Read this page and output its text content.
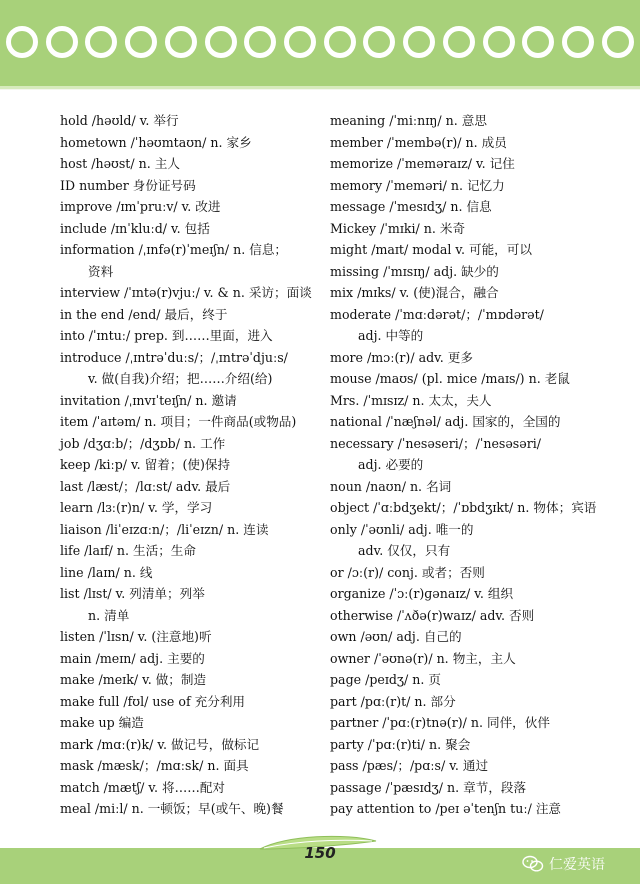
hold /həʊld/ v. 举行
hometown /ˈhəʊmtaʊn/ n. 家乡
host /həʊst/ n. 主人
ID number 身份证号码
improve /ɪmˈpruːv/ v. 改进
include /ɪnˈkluːd/ v. 包括
information /ˌɪnfə(r)ˈmeɪʃn/ n. 信息；
资料
interview /ˈɪntə(r)vjuː/ v. & n. 采访；面谈
in the end /end/ 最后，终于
into /ˈɪntuː/ prep. 到……里面，进入
introduce /ˌɪntrəˈduːs/；/ˌɪntrəˈdjuːs/
v. 做(自我)介绍；把……介绍(给)
invitation /ˌɪnvɪˈteɪʃn/ n. 邀请
item /ˈaɪtəm/ n. 项目；一件商品(或物品)
job /dʒɑːb/；/dʒɒb/ n. 工作
keep /kiːp/ v. 留着；(使)保持
last /læst/；/lɑːst/ adv. 最后
learn /lɜː(r)n/ v. 学，学习
liaison /liˈeɪzɑːn/；/liˈeɪzn/ n. 连读
life /laɪf/ n. 生活；生命
line /laɪn/ n. 线
list /lɪst/ v. 列清单；列举
n. 清单
listen /ˈlɪsn/ v. (注意地)听
main /meɪn/ adj. 主要的
make /meɪk/ v. 做；制造
make full /fʊl/ use of 充分利用
make up 编造
mark /mɑː(r)k/ v. 做记号，做标记
mask /mæsk/；/mɑːsk/ n. 面具
match /mætʃ/ v. 将……配对
meal /miːl/ n. 一顿饭；早(或午、晚)餐
meaning /ˈmiːnɪŋ/ n. 意思
member /ˈmembə(r)/ n. 成员
memorize /ˈmeməraɪz/ v. 记住
memory /ˈmeməri/ n. 记忆力
message /ˈmesɪdʒ/ n. 信息
Mickey /ˈmɪki/ n. 米奇
might /maɪt/ modal v. 可能，可以
missing /ˈmɪsɪŋ/ adj. 缺少的
mix /mɪks/ v. (使)混合，融合
moderate /ˈmɑːdərət/；/ˈmɒdərət/
adj. 中等的
more /mɔː(r)/ adv. 更多
mouse /maʊs/ (pl. mice /maɪs/) n. 老鼠
Mrs. /ˈmɪsɪz/ n. 太太，夫人
national /ˈnæʃnəl/ adj. 国家的，全国的
necessary /ˈnesəseri/；/ˈnesəsəri/
adj. 必要的
noun /naʊn/ n. 名词
object /ˈɑːbdʒekt/；/ˈɒbdʒɪkt/ n. 物体；宾语
only /ˈəʊnli/ adj. 唯一的
adv. 仅仅，只有
or /ɔː(r)/ conj. 或者；否则
organize /ˈɔː(r)ɡənaɪz/ v. 组织
otherwise /ˈʌðə(r)waɪz/ adv. 否则
own /əʊn/ adj. 自己的
owner /ˈəʊnə(r)/ n. 物主，主人
page /peɪdʒ/ n. 页
part /pɑː(r)t/ n. 部分
partner /ˈpɑː(r)tnə(r)/ n. 同伴，伙伴
party /ˈpɑː(r)ti/ n. 聚会
pass /pæs/；/pɑːs/ v. 通过
passage /ˈpæsɪdʒ/ n. 章节，段落
pay attention to /peɪ əˈtenʃn tuː/ 注意
150
仁爱英语
